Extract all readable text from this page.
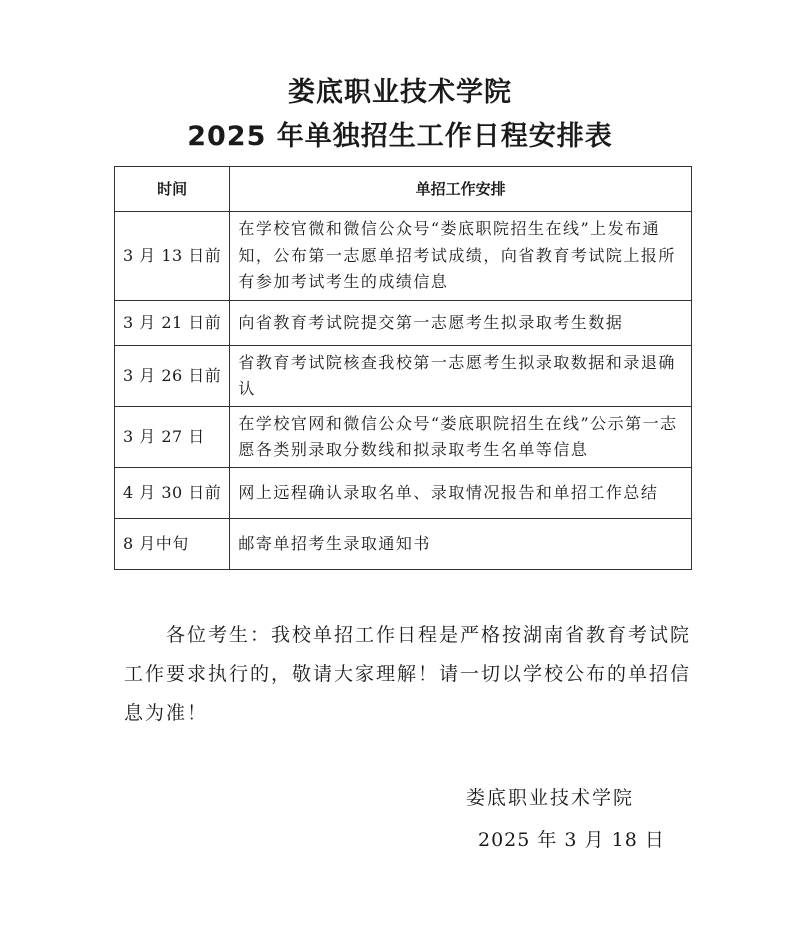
娄底职业技术学院
2025 年单独招生工作日程安排表
时间	单招工作安排
3 月 13 日前	在学校官微和微信公众号“娄底职院招生在线”上发布通知，公布第一志愿单招考试成绩，向省教育考试院上报所有参加考试考生的成绩信息
3 月 21 日前	向省教育考试院提交第一志愿考生拟录取考生数据
3 月 26 日前	省教育考试院核查我校第一志愿考生拟录取数据和录退确认
3 月 27 日	在学校官网和微信公众号“娄底职院招生在线”公示第一志愿各类别录取分数线和拟录取考生名单等信息
4 月 30 日前	网上远程确认录取名单、录取情况报告和单招工作总结
8 月中旬	邮寄单招考生录取通知书
各位考生：我校单招工作日程是严格按湖南省教育考试院工作要求执行的，敬请大家理解！请一切以学校公布的单招信息为准！
娄底职业技术学院
2025 年 3 月 18 日
